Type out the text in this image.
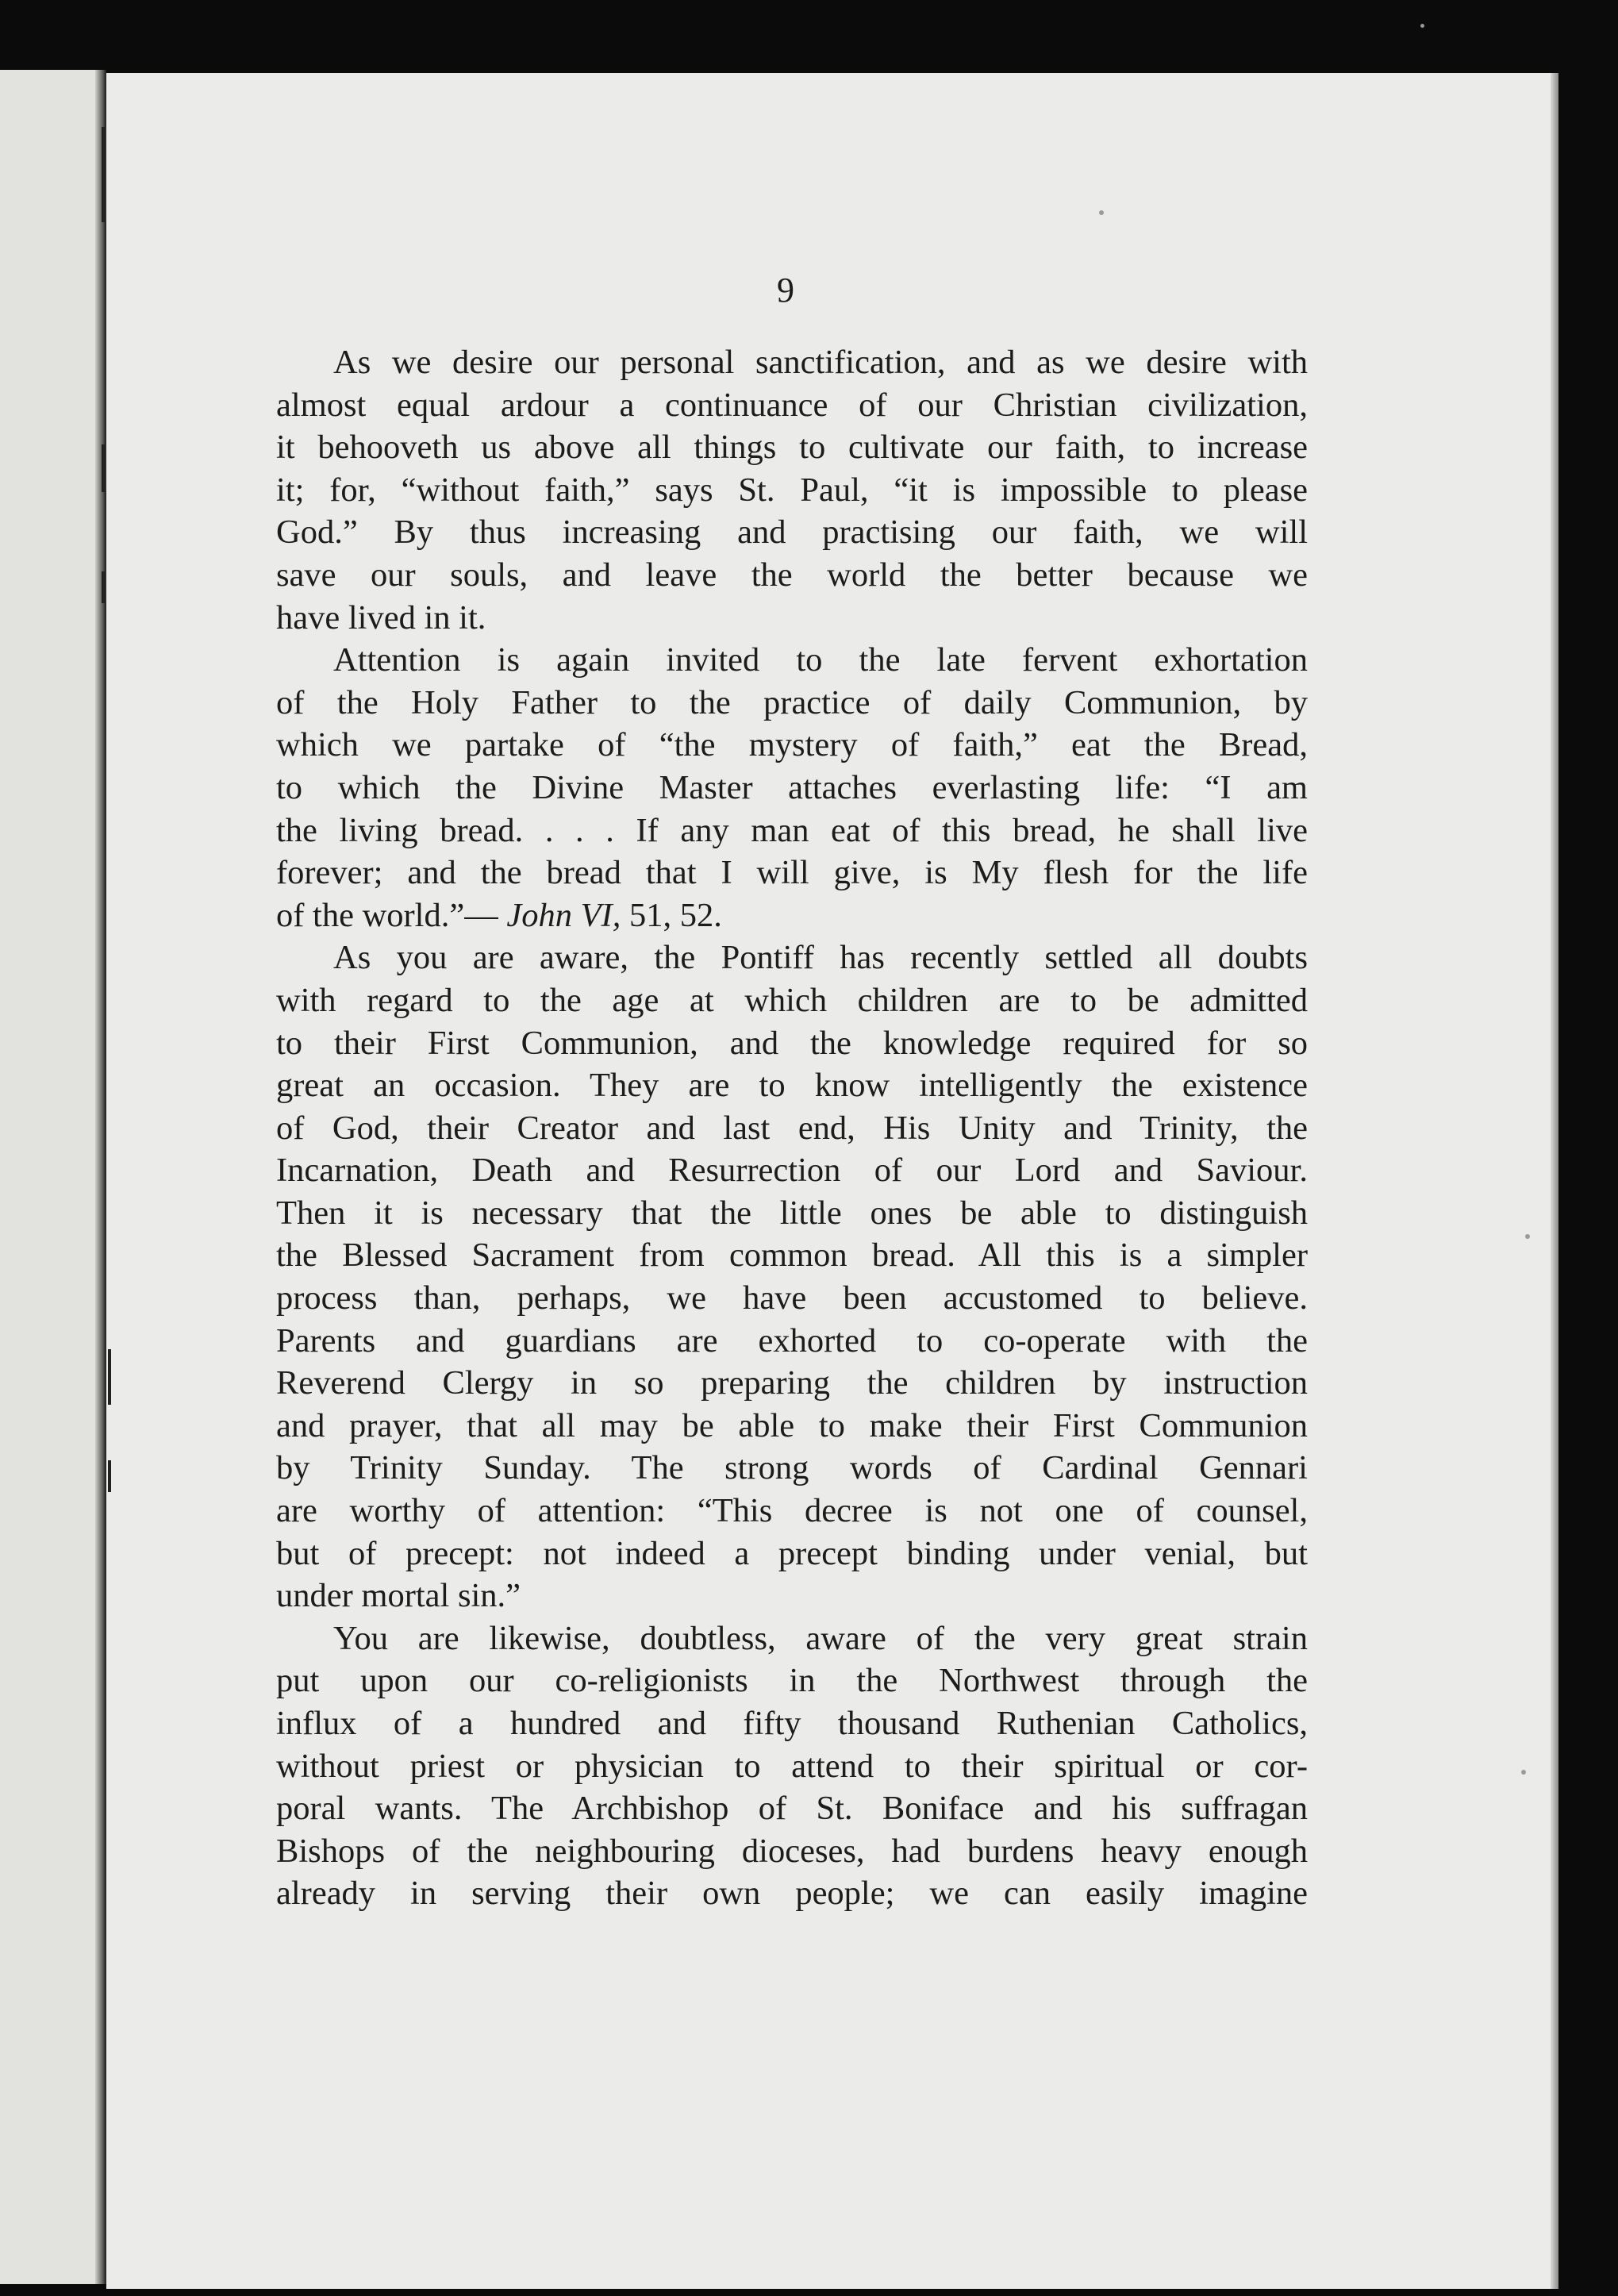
9
As we desire our personal sanctification, and as we desire with
almost equal ardour a continuance of our Christian civilization,
it behooveth us above all things to cultivate our faith, to increase
it; for, “without faith,” says St. Paul, “it is impossible to please
God.” By thus increasing and practising our faith, we will
save our souls, and leave the world the better because we
have lived in it.
Attention is again invited to the late fervent exhortation
of the Holy Father to the practice of daily Communion, by
which we partake of “the mystery of faith,” eat the Bread,
to which the Divine Master attaches everlasting life: “I am
the living bread. . . . If any man eat of this bread, he shall live
forever; and the bread that I will give, is My flesh for the life
of the world.”— John VI, 51, 52.
As you are aware, the Pontiff has recently settled all doubts
with regard to the age at which children are to be admitted
to their First Communion, and the knowledge required for so
great an occasion. They are to know intelligently the existence
of God, their Creator and last end, His Unity and Trinity, the
Incarnation, Death and Resurrection of our Lord and Saviour.
Then it is necessary that the little ones be able to distinguish
the Blessed Sacrament from common bread. All this is a simpler
process than, perhaps, we have been accustomed to believe.
Parents and guardians are exhorted to co-operate with the
Reverend Clergy in so preparing the children by instruction
and prayer, that all may be able to make their First Communion
by Trinity Sunday. The strong words of Cardinal Gennari
are worthy of attention: “This decree is not one of counsel,
but of precept: not indeed a precept binding under venial, but
under mortal sin.”
You are likewise, doubtless, aware of the very great strain
put upon our co-religionists in the Northwest through the
influx of a hundred and fifty thousand Ruthenian Catholics,
without priest or physician to attend to their spiritual or cor-
poral wants. The Archbishop of St. Boniface and his suffragan
Bishops of the neighbouring dioceses, had burdens heavy enough
already in serving their own people; we can easily imagine
